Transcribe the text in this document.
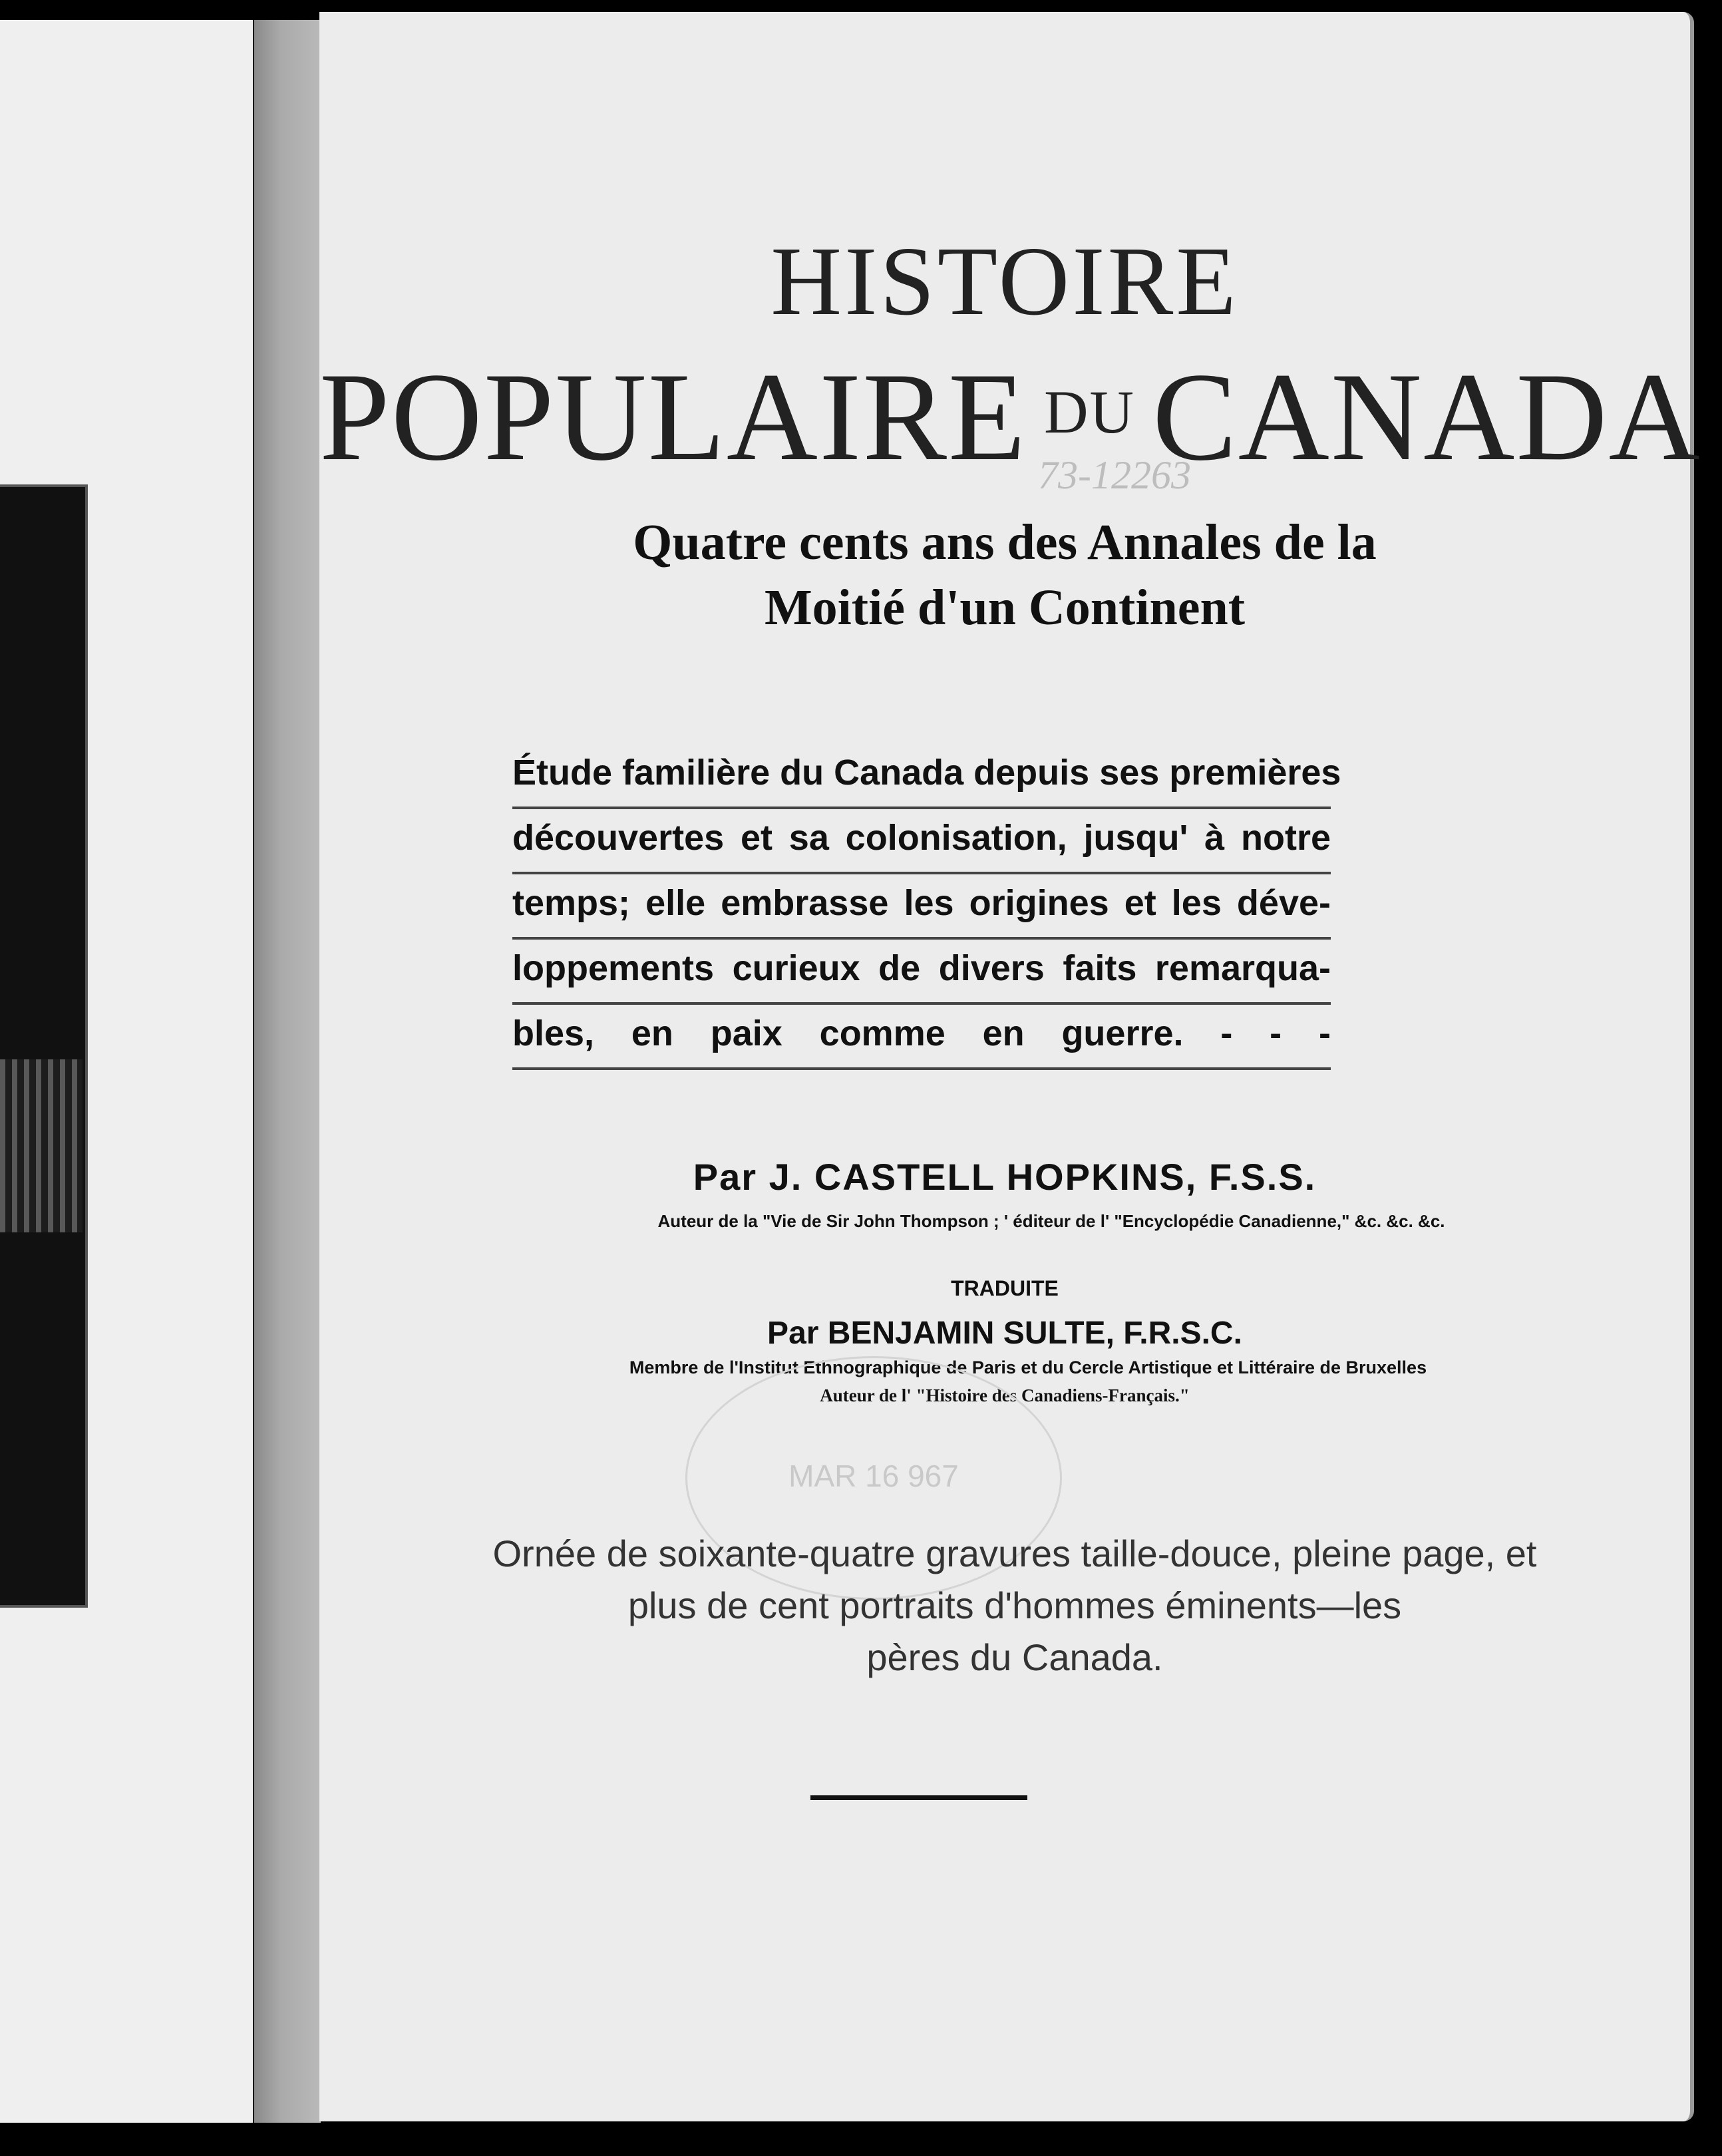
HISTOIRE
POPULAIRE $^{DU}$ CANADA
73-12263
Quatre cents ans des Annales de la
Moitié d'un Continent
Étude familière du Canada depuis ses premières
découvertes et sa colonisation, jusqu' à notre
temps; elle embrasse les origines et les déve-
loppements curieux de divers faits remarqua-
bles, en paix comme en guerre. - - -
Par J. CASTELL HOPKINS, F.S.S.
Auteur de la "Vie de Sir John Thompson ; ' éditeur de l' "Encyclopédie Canadienne," &c. &c. &c.
TRADUITE
Par BENJAMIN SULTE, F.R.S.C.
Membre de l'Institut Ethnographique de Paris et du Cercle Artistique et Littéraire de Bruxelles
Auteur de l' "Histoire des Canadiens-Français."
MAR 16 967
Ornée de soixante-quatre gravures taille-douce, pleine page, et
plus de cent portraits d'hommes éminents—les
pères du Canada.
